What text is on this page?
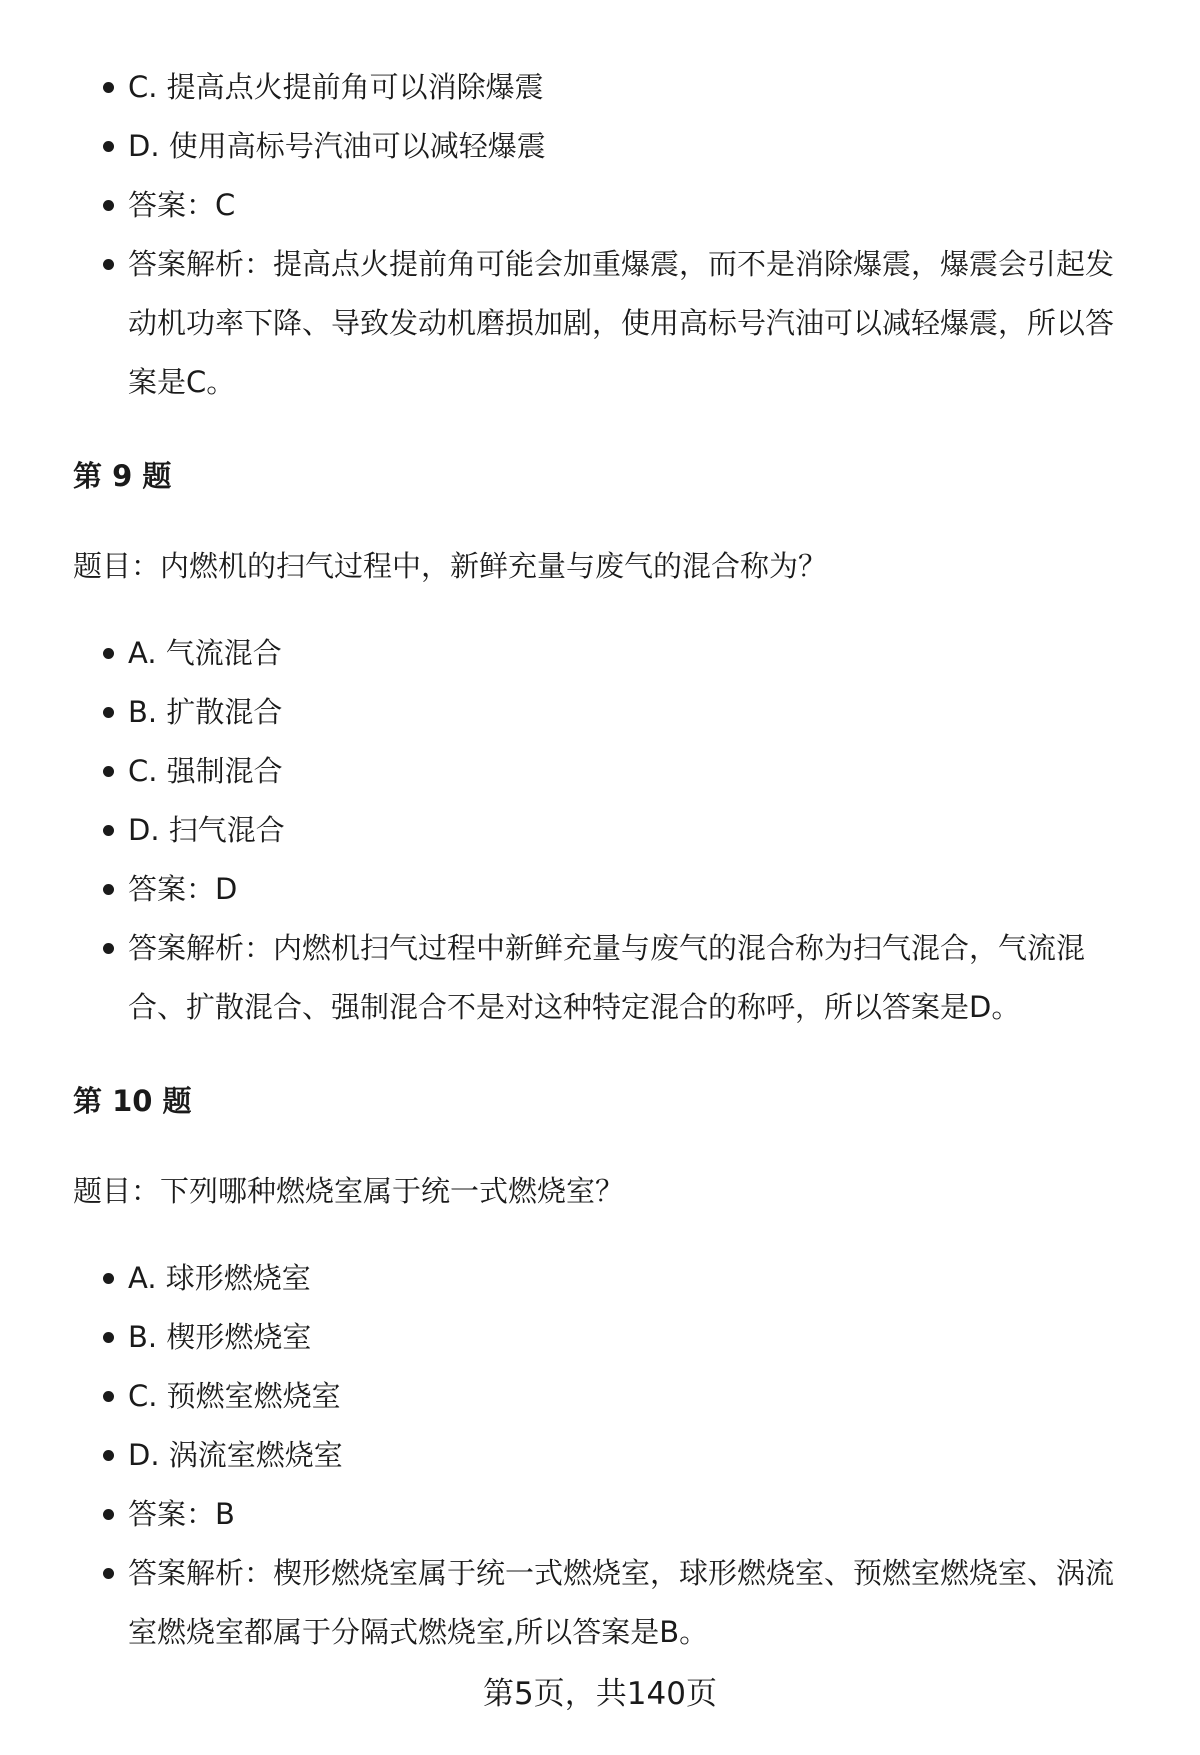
C. 提高点火提前角可以消除爆震
D. 使用高标号汽油可以减轻爆震
答案：C
答案解析：提高点火提前角可能会加重爆震，而不是消除爆震，爆震会引起发动机功率下降、导致发动机磨损加剧，使用高标号汽油可以减轻爆震，所以答案是C。
第 9 题

题目：内燃机的扫气过程中，新鲜充量与废气的混合称为？

A. 气流混合
B. 扩散混合
C. 强制混合
D. 扫气混合
答案：D
答案解析：内燃机扫气过程中新鲜充量与废气的混合称为扫气混合，气流混合、扩散混合、强制混合不是对这种特定混合的称呼，所以答案是D。
第 10 题

题目：下列哪种燃烧室属于统一式燃烧室？

A. 球形燃烧室
B. 楔形燃烧室
C. 预燃室燃烧室
D. 涡流室燃烧室
答案：B
答案解析：楔形燃烧室属于统一式燃烧室，球形燃烧室、预燃室燃烧室、涡流室燃烧室都属于分隔式燃烧室,所以答案是B。
第5页，共140页
